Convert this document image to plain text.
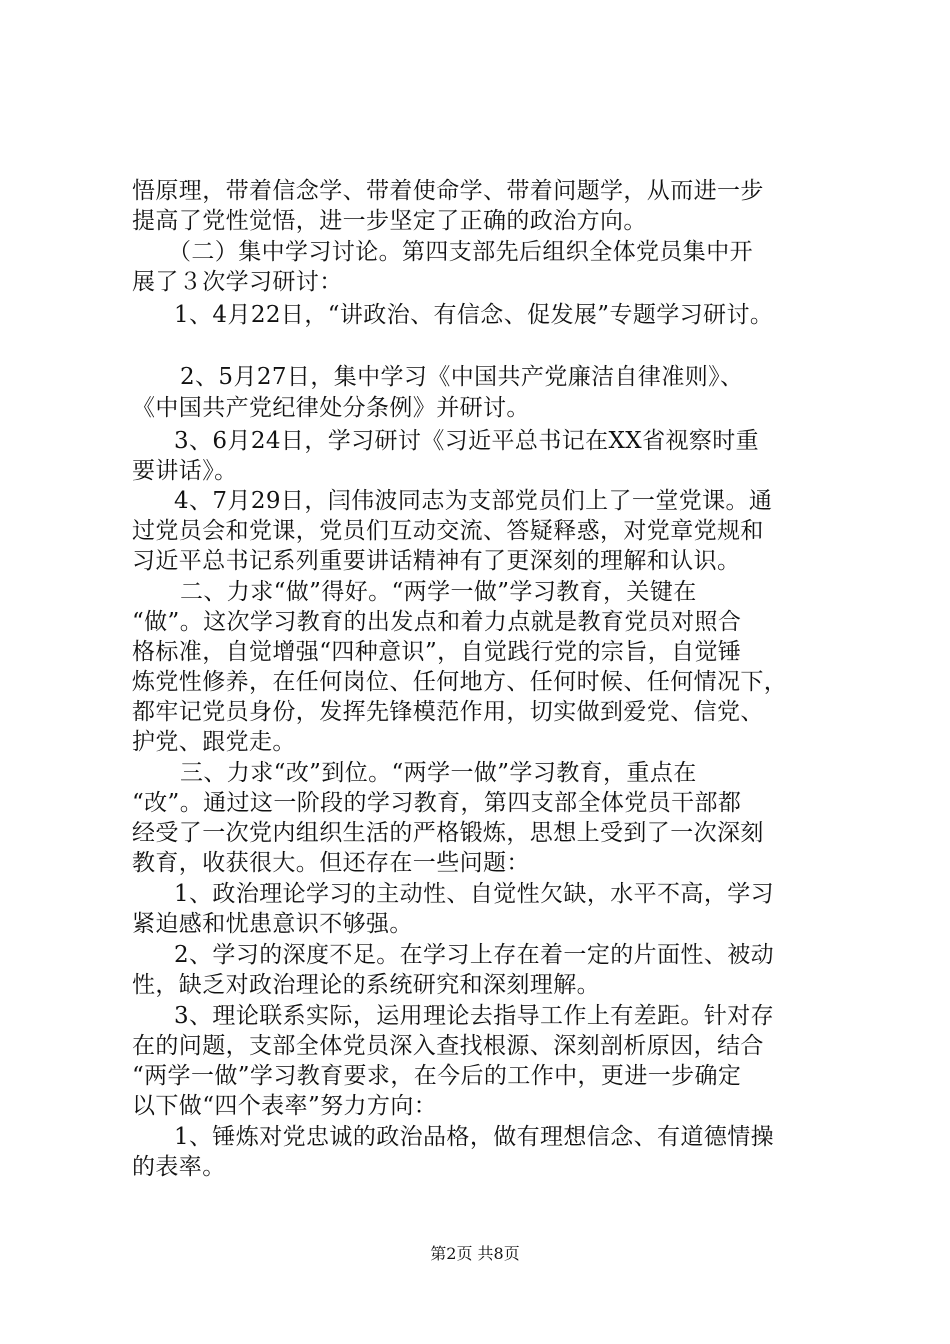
悟原理，带着信念学、带着使命学、带着问题学，从而进一步
提高了党性觉悟，进一步坚定了正确的政治方向。
（二）集中学习讨论。第四支部先后组织全体党员集中开
展了３次学习研讨：
1、4月22日，“讲政治、有信念、促发展”专题学习研讨。
2、5月27日，集中学习《中国共产党廉洁自律准则》、
《中国共产党纪律处分条例》并研讨。
3、6月24日，学习研讨《习近平总书记在XX省视察时重
要讲话》。
4、7月29日，闫伟波同志为支部党员们上了一堂党课。通
过党员会和党课，党员们互动交流、答疑释惑，对党章党规和
习近平总书记系列重要讲话精神有了更深刻的理解和认识。
二、力求“做”得好。“两学一做”学习教育，关键在
“做”。这次学习教育的出发点和着力点就是教育党员对照合
格标准，自觉增强“四种意识”，自觉践行党的宗旨，自觉锤
炼党性修养，在任何岗位、任何地方、任何时候、任何情况下，
都牢记党员身份，发挥先锋模范作用，切实做到爱党、信党、
护党、跟党走。
三、力求“改”到位。“两学一做”学习教育，重点在
“改”。通过这一阶段的学习教育，第四支部全体党员干部都
经受了一次党内组织生活的严格锻炼，思想上受到了一次深刻
教育，收获很大。但还存在一些问题：
1、政治理论学习的主动性、自觉性欠缺，水平不高，学习
紧迫感和忧患意识不够强。
2、学习的深度不足。在学习上存在着一定的片面性、被动
性，缺乏对政治理论的系统研究和深刻理解。
3、理论联系实际，运用理论去指导工作上有差距。针对存
在的问题，支部全体党员深入查找根源、深刻剖析原因，结合
“两学一做”学习教育要求，在今后的工作中，更进一步确定
以下做“四个表率”努力方向：
1、锤炼对党忠诚的政治品格，做有理想信念、有道德情操
的表率。
第2页 共8页
